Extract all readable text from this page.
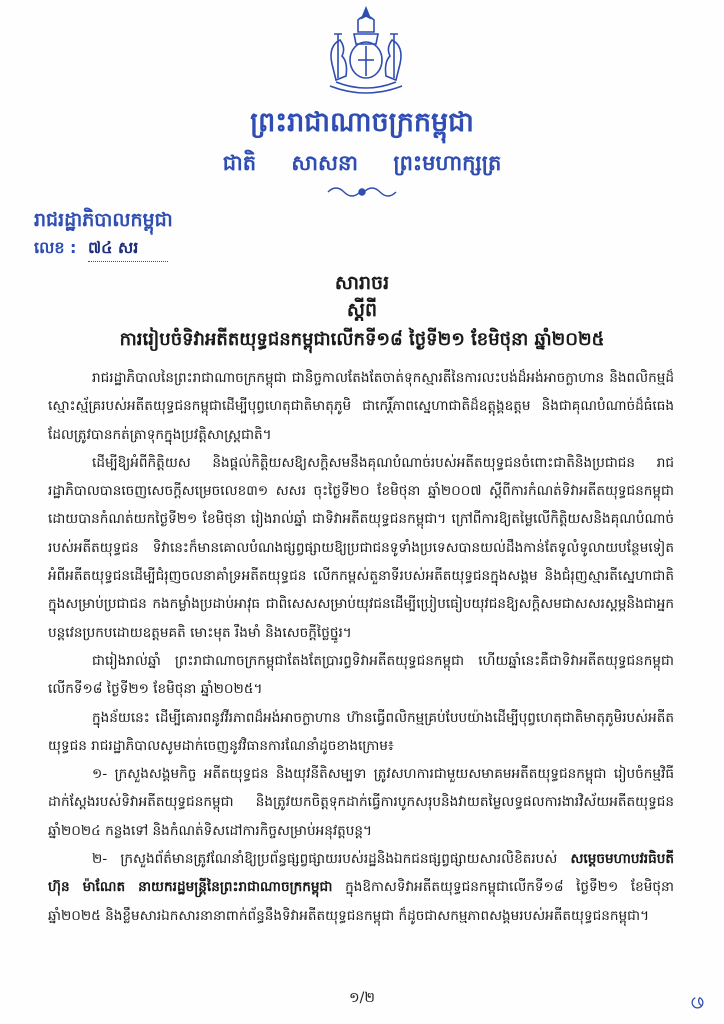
ព្រះរាជាណាចក្រកម្ពុជា
ជាតិ សាសនា ព្រះមហាក្សត្រ
រាជរដ្ឋាភិបាលកម្ពុជា
លេខ : ៧៤ សរ
សារាចរ
ស្តីពី
ការរៀបចំទិវាអតីតយុទ្ធជនកម្ពុជាលើកទី១៨ ថ្ងៃទី២១ ខែមិថុនា ឆ្នាំ២០២៥

រាជរដ្ឋាភិបាលនៃព្រះរាជាណាចក្រកម្ពុជា ជានិច្ចកាលតែងតែចាត់ទុកស្មារតីនៃការលះបង់ដ៏អង់អាចក្លាហាន និងពលិកម្មដ៏ស្មោះស្ម័គ្ររបស់អតីតយុទ្ធជនកម្ពុជាដើម្បីបុព្វហេតុជាតិមាតុភូមិ ជាកេរ្តិ៍ភាពស្នេហាជាតិដ៏ឧត្តុង្គឧត្តម និងជាគុណបំណាច់ដ៏ធំធេងដែលត្រូវបានកត់ត្រាទុកក្នុងប្រវត្តិសាស្ត្រជាតិ។

ដើម្បីឱ្យអំពីកិត្តិយស និងផ្តល់កិត្តិយសឱ្យសក្តិសមនឹងគុណបំណាច់របស់អតីតយុទ្ធជនចំពោះជាតិនិងប្រជាជន រាជរដ្ឋាភិបាលបានចេញសេចក្តីសម្រេចលេខ៣១ សសរ ចុះថ្ងៃទី២០ ខែមិថុនា ឆ្នាំ២០០៧ ស្តីពីការកំណត់ទិវាអតីតយុទ្ធជនកម្ពុជា ដោយបានកំណត់យកថ្ងៃទី២១ ខែមិថុនា រៀងរាល់ឆ្នាំ ជាទិវាអតីតយុទ្ធជនកម្ពុជា។ ក្រៅពីការឱ្យតម្លៃលើកិត្តិយសនិងគុណបំណាច់របស់អតីតយុទ្ធជន ទិវានេះក៏មានគោលបំណងផ្សព្វផ្សាយឱ្យប្រជាជនទូទាំងប្រទេសបានយល់ដឹងកាន់តែទូលំទូលាយបន្ថែមទៀតអំពីអតីតយុទ្ធជនដើម្បីជំរុញចលនាគាំទ្រអតីតយុទ្ធជន លើកកម្ពស់តួនាទីរបស់អតីតយុទ្ធជនក្នុងសង្គម និងជំរុញស្មារតីស្នេហាជាតិក្នុងសម្រាប់ប្រជាជន កងកម្លាំងប្រដាប់អាវុធ ជាពិសេសសម្រាប់យុវជនដើម្បីប្រៀបធៀបយុវជនឱ្យសក្តិសមជាសសរស្តម្ភនិងជាអ្នកបន្តវេនប្រកបដោយឧត្តមគតិ មោះមុត រឹងមាំ និងសេចក្តីថ្លៃថ្នូរ។

ជារៀងរាល់ឆ្នាំ ព្រះរាជាណាចក្រកម្ពុជាតែងតែប្រារព្ធទិវាអតីតយុទ្ធជនកម្ពុជា ហើយឆ្នាំនេះគឺជាទិវាអតីតយុទ្ធជនកម្ពុជាលើកទី១៨ ថ្ងៃទី២១ ខែមិថុនា ឆ្នាំ២០២៥។

ក្នុងន័យនេះ ដើម្បីគោរពនូវវីរភាពដ៏អង់អាចក្លាហាន ហ៊ានធ្វើពលិកម្មគ្រប់បែបយ៉ាងដើម្បីបុព្វហេតុជាតិមាតុភូមិរបស់អតីតយុទ្ធជន រាជរដ្ឋាភិបាលសូមដាក់ចេញនូវវិធានការណែនាំដូចខាងក្រោម៖

១- ក្រសួងសង្គមកិច្ច អតីតយុទ្ធជន និងយុវនីតិសម្បទា ត្រូវសហការជាមួយសមាគមអតីតយុទ្ធជនកម្ពុជា រៀបចំកម្មវិធីដាក់ស្តែងរបស់ទិវាអតីតយុទ្ធជនកម្ពុជា និងត្រូវយកចិត្តទុកដាក់ធ្វើការបូកសរុបនិងវាយតម្លៃលទ្ធផលការងារវិស័យអតីតយុទ្ធជនឆ្នាំ២០២៤ កន្លងទៅ និងកំណត់ទិសដៅការកិច្ចសម្រាប់អនុវត្តបន្ត។

២- ក្រសួងព័ត៌មានត្រូវណែនាំឱ្យប្រព័ន្ធផ្សព្វផ្សាយរបស់រដ្ឋនិងឯកជនផ្សព្វផ្សាយសារលិខិតរបស់ សម្តេចមហាបវរធិបតី ហ៊ុន ម៉ាណែត នាយករដ្ឋមន្ត្រីនៃព្រះរាជាណាចក្រកម្ពុជា ក្នុងឱកាសទិវាអតីតយុទ្ធជនកម្ពុជាលើកទី១៨ ថ្ងៃទី២១ ខែមិថុនា ឆ្នាំ២០២៥ និងខ្លឹមសារឯកសារនានាពាក់ព័ន្ធនឹងទិវាអតីតយុទ្ធជនកម្ពុជា ក៏ដូចជាសកម្មភាពសង្គមរបស់អតីតយុទ្ធជនកម្ពុជា។

១/២	ဖ
